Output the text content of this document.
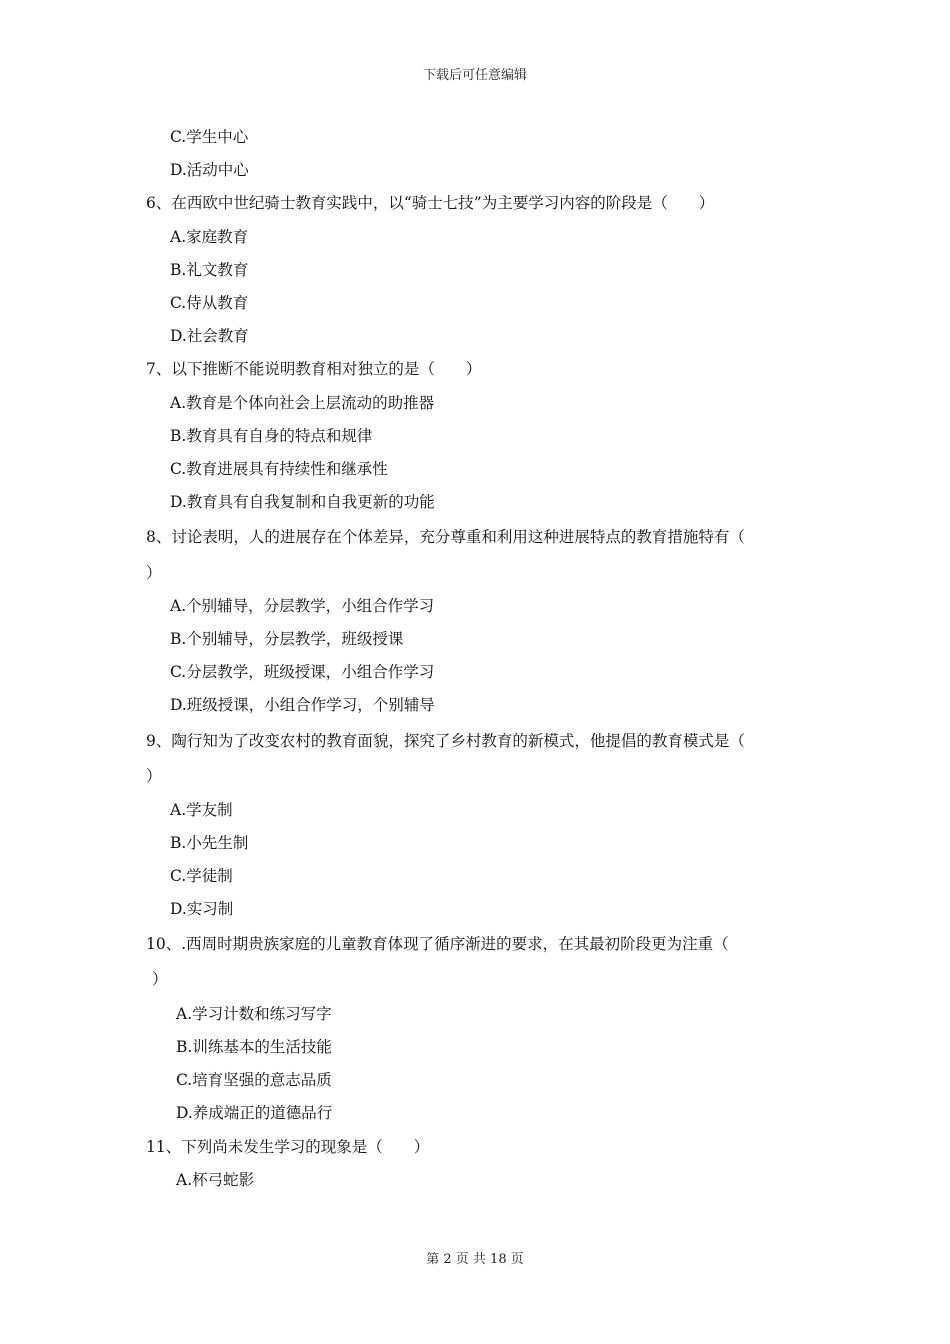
下载后可任意编辑
C.学生中心
D.活动中心
6、在西欧中世纪骑士教育实践中，以“骑士七技”为主要学习内容的阶段是（　　）
A.家庭教育
B.礼文教育
C.侍从教育
D.社会教育
7、以下推断不能说明教育相对独立的是（　　）
A.教育是个体向社会上层流动的助推器
B.教育具有自身的特点和规律
C.教育进展具有持续性和继承性
D.教育具有自我复制和自我更新的功能
8、讨论表明，人的进展存在个体差异，充分尊重和利用这种进展特点的教育措施特有（
）
A.个别辅导，分层教学，小组合作学习
B.个别辅导，分层教学，班级授课
C.分层教学，班级授课，小组合作学习
D.班级授课，小组合作学习，个别辅导
9、陶行知为了改变农村的教育面貌，探究了乡村教育的新模式，他提倡的教育模式是（
）
A.学友制
B.小先生制
C.学徒制
D.实习制
10、.西周时期贵族家庭的儿童教育体现了循序渐进的要求，在其最初阶段更为注重（
）
A.学习计数和练习写字
B.训练基本的生活技能
C.培育坚强的意志品质
D.养成端正的道德品行
11、下列尚未发生学习的现象是（　　）
A.杯弓蛇影
第 2 页 共 18 页
